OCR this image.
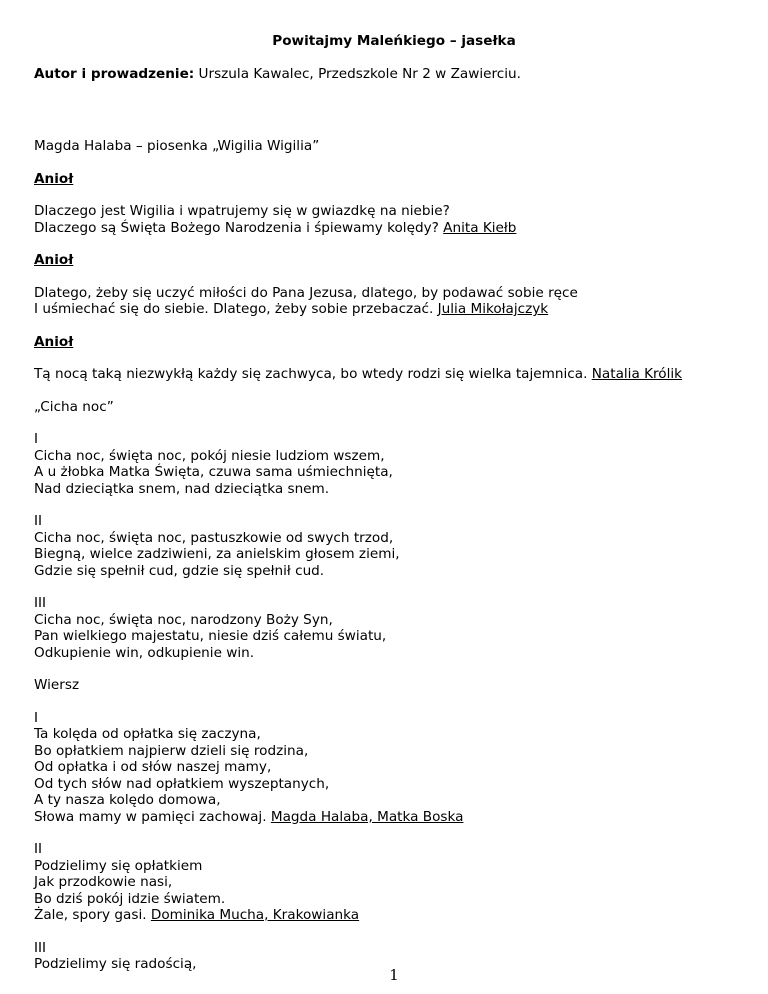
Powitajmy Maleńkiego – jasełka
Autor i prowadzenie: Urszula Kawalec, Przedszkole Nr 2 w Zawierciu.

Magda Halaba – piosenka „Wigilia Wigilia”

Anioł

Dlaczego jest Wigilia i wpatrujemy się w gwiazdkę na niebie?
Dlaczego są Święta Bożego Narodzenia i śpiewamy kolędy? Anita Kiełb

Anioł

Dlatego, żeby się uczyć miłości do Pana Jezusa, dlatego, by podawać sobie ręce
I uśmiechać się do siebie. Dlatego, żeby sobie przebaczać. Julia Mikołajczyk

Anioł

Tą nocą taką niezwykłą każdy się zachwyca, bo wtedy rodzi się wielka tajemnica. Natalia Królik

„Cicha noc”

I
Cicha noc, święta noc, pokój niesie ludziom wszem,
A u żłobka Matka Święta, czuwa sama uśmiechnięta,
Nad dzieciątka snem, nad dzieciątka snem.

II
Cicha noc, święta noc, pastuszkowie od swych trzod,
Biegną, wielce zadziwieni, za anielskim głosem ziemi,
Gdzie się spełnił cud, gdzie się spełnił cud.

III
Cicha noc, święta noc, narodzony Boży Syn,
Pan wielkiego majestatu, niesie dziś całemu światu,
Odkupienie win, odkupienie win.

Wiersz

I
Ta kolęda od opłatka się zaczyna,
Bo opłatkiem najpierw dzieli się rodzina,
Od opłatka i od słów naszej mamy,
Od tych słów nad opłatkiem wyszeptanych,
A ty nasza kolędo domowa,
Słowa mamy w pamięci zachowaj. Magda Halaba, Matka Boska

II
Podzielimy się opłatkiem
Jak przodkowie nasi,
Bo dziś pokój idzie światem.
Żale, spory gasi. Dominika Mucha, Krakowianka

III
Podzielimy się radością,

1
